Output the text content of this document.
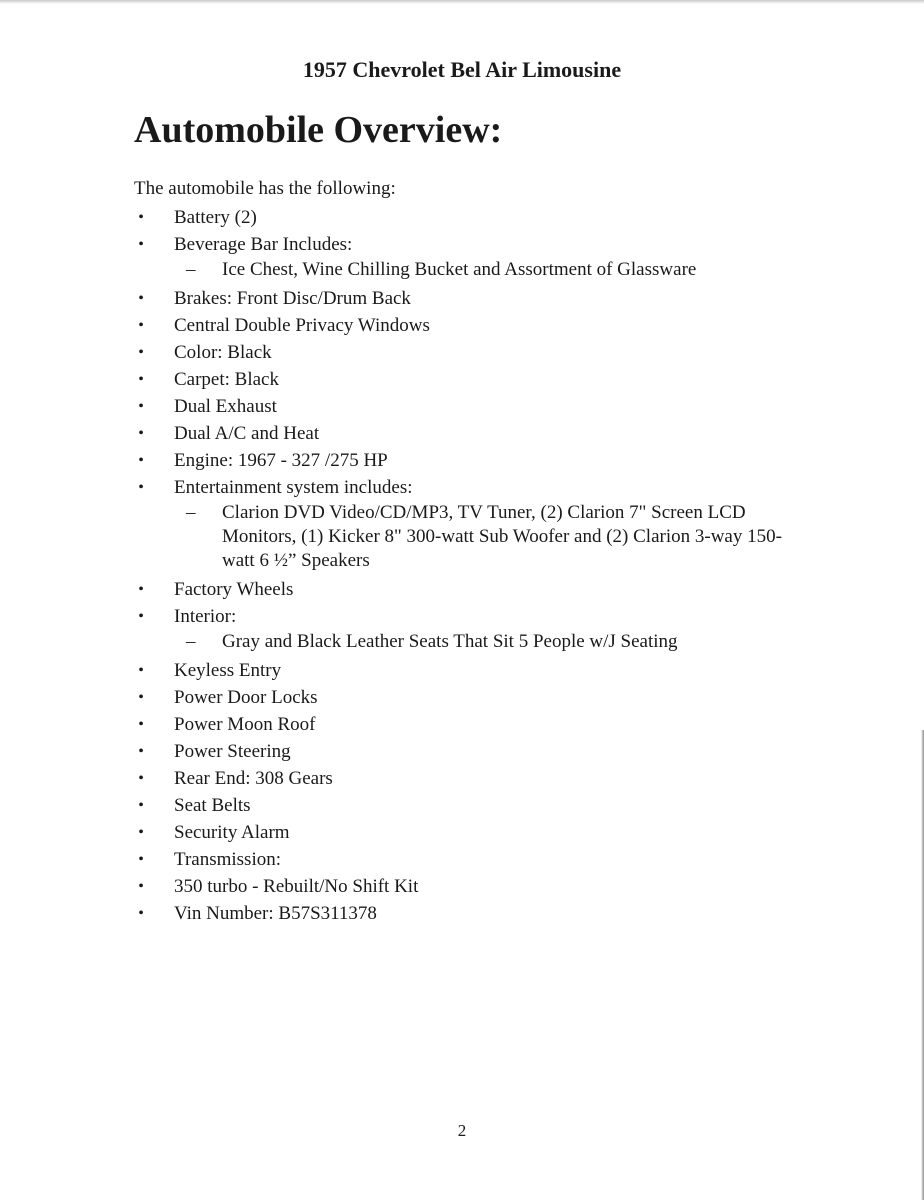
1957 Chevrolet Bel Air Limousine
Automobile Overview:
The automobile has the following:
• Battery (2)
• Beverage Bar Includes:
– Ice Chest, Wine Chilling Bucket and Assortment of Glassware
• Brakes: Front Disc/Drum Back
• Central Double Privacy Windows
• Color: Black
• Carpet: Black
• Dual Exhaust
• Dual A/C and Heat
• Engine: 1967 - 327 /275 HP
• Entertainment system includes:
– Clarion DVD Video/CD/MP3, TV Tuner, (2) Clarion 7" Screen LCD Monitors, (1) Kicker 8" 300-watt Sub Woofer and (2) Clarion 3-way 150-watt 6 ½” Speakers
• Factory Wheels
• Interior:
– Gray and Black Leather Seats That Sit 5 People w/J Seating
• Keyless Entry
• Power Door Locks
• Power Moon Roof
• Power Steering
• Rear End: 308 Gears
• Seat Belts
• Security Alarm
• Transmission:
• 350 turbo - Rebuilt/No Shift Kit
• Vin Number: B57S311378
2
